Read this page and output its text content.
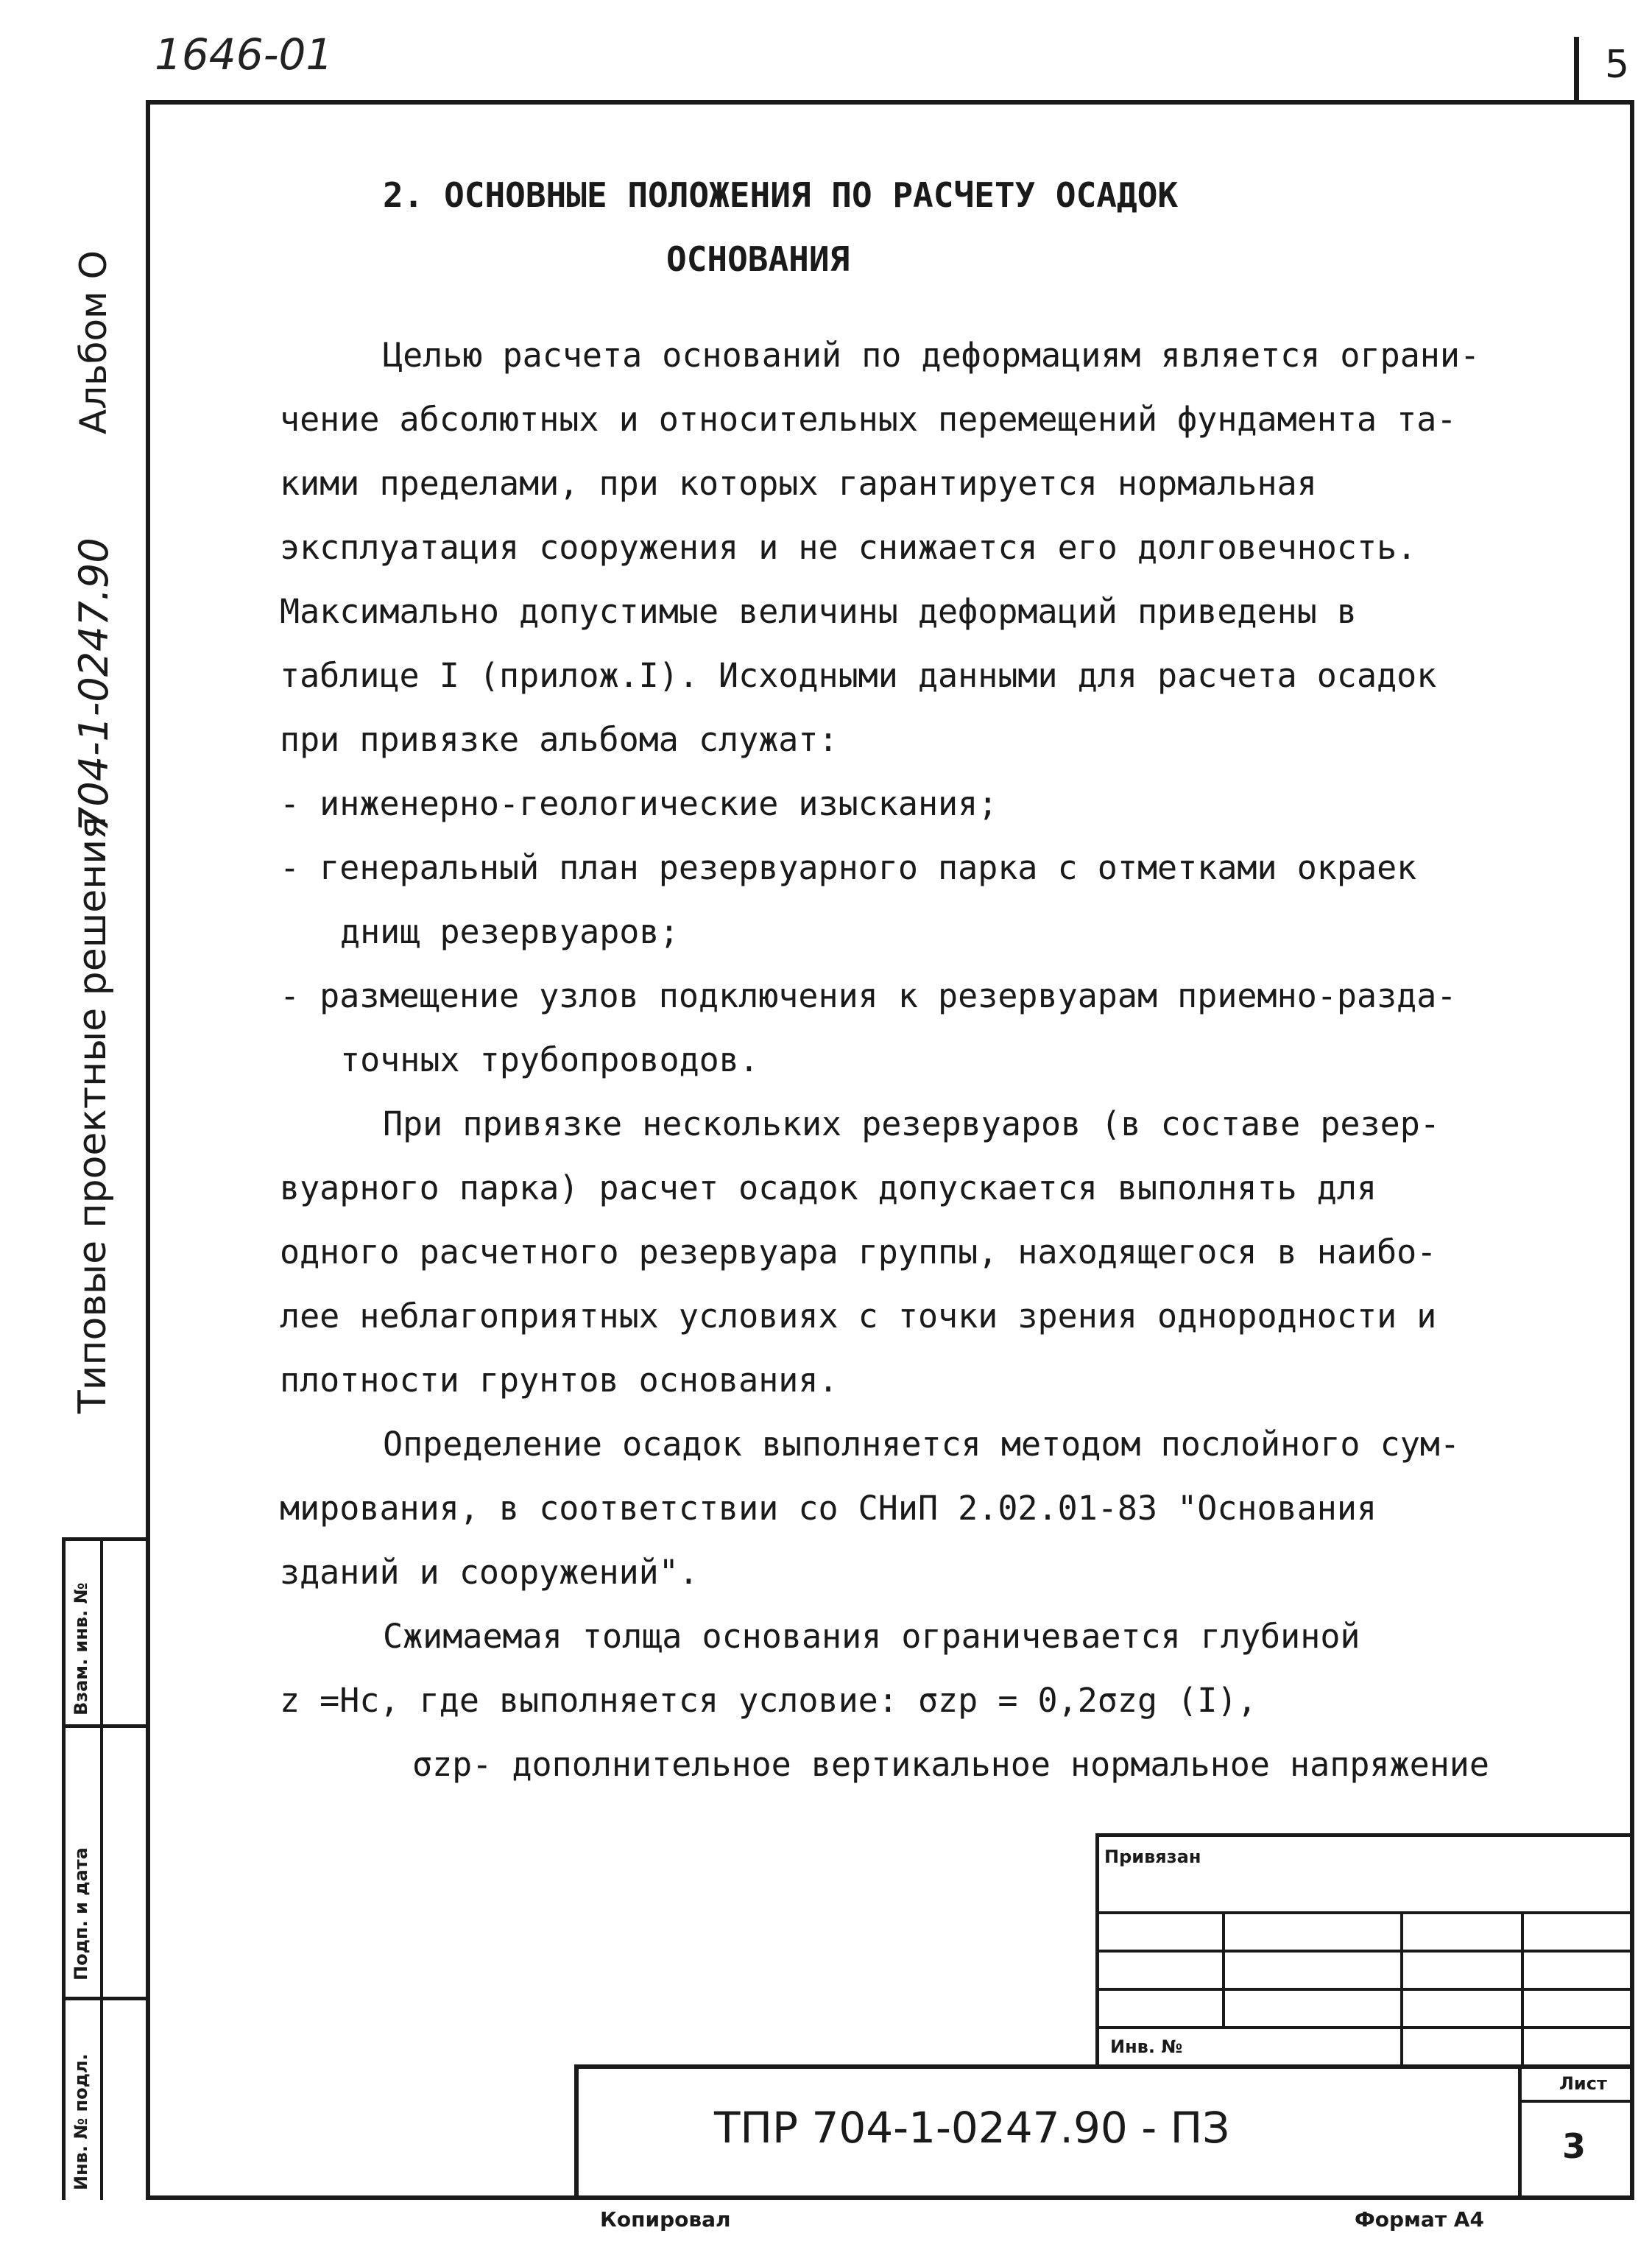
1646-01	5
Альбом О
704-1-0247.90
Типовые проектные решения
Взам. инв. №
Подп. и дата
Инв. № подл.
2. ОСНОВНЫЕ ПОЛОЖЕНИЯ ПО РАСЧЕТУ ОСАДОК
ОСНОВАНИЯ
Целью расчета оснований по деформациям является ограни-
чение абсолютных и относительных перемещений фундамента та-
кими пределами, при которых гарантируется нормальная
эксплуатация сооружения и не снижается его долговечность.
Максимально допустимые величины деформаций приведены в
таблице I (прилож.I). Исходными данными для расчета осадок
при привязке альбома служат:
- инженерно-геологические изыскания;
- генеральный план резервуарного парка с отметками окраек
днищ резервуаров;
- размещение узлов подключения к резервуарам приемно-разда-
точных трубопроводов.
При привязке нескольких резервуаров (в составе резер-
вуарного парка) расчет осадок допускается выполнять для
одного расчетного резервуара группы, находящегося в наибо-
лее неблагоприятных условиях с точки зрения однородности и
плотности грунтов основания.
Определение осадок выполняется методом послойного сум-
мирования, в соответствии со СНиП 2.02.01-83 "Основания
зданий и сооружений".
Сжимаемая толща основания ограничевается глубиной
z =Hc, где выполняется условие: σzp = 0,2σzg (I),
σzp- дополнительное вертикальное нормальное напряжение
Привязан
Инв. №
ТПР 704-1-0247.90 - ПЗ
Лист
3
Копировал	Формат А4
